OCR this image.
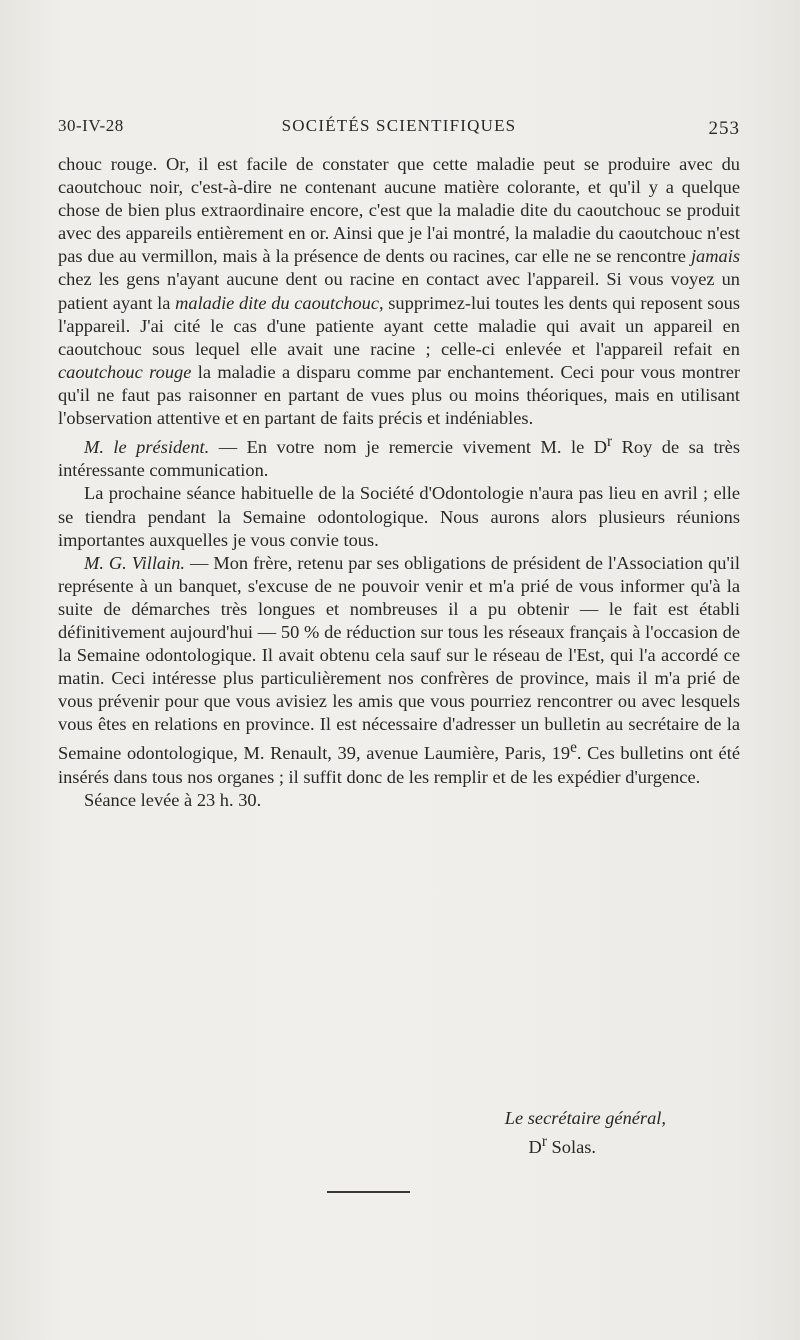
30-IV-28	SOCIÉTÉS SCIENTIFIQUES	253

chouc rouge. Or, il est facile de constater que cette maladie peut se produire avec du caoutchouc noir, c'est-à-dire ne contenant aucune matière colorante, et qu'il y a quelque chose de bien plus extraordinaire encore, c'est que la maladie dite du caoutchouc se produit avec des appareils entièrement en or. Ainsi que je l'ai montré, la maladie du caoutchouc n'est pas due au vermillon, mais à la présence de dents ou racines, car elle ne se rencontre jamais chez les gens n'ayant aucune dent ou racine en contact avec l'appareil. Si vous voyez un patient ayant la maladie dite du caoutchouc, supprimez-lui toutes les dents qui reposent sous l'appareil. J'ai cité le cas d'une patiente ayant cette maladie qui avait un appareil en caoutchouc sous lequel elle avait une racine ; celle-ci enlevée et l'appareil refait en caoutchouc rouge la maladie a disparu comme par enchantement. Ceci pour vous montrer qu'il ne faut pas raisonner en partant de vues plus ou moins théoriques, mais en utilisant l'observation attentive et en partant de faits précis et indéniables.

M. le président. — En votre nom je remercie vivement M. le $D^r$ Roy de sa très intéressante communication.

La prochaine séance habituelle de la Société d'Odontologie n'aura pas lieu en avril ; elle se tiendra pendant la Semaine odontologique. Nous aurons alors plusieurs réunions importantes auxquelles je vous convie tous.

M. G. Villain. — Mon frère, retenu par ses obligations de président de l'Association qu'il représente à un banquet, s'excuse de ne pouvoir venir et m'a prié de vous informer qu'à la suite de démarches très longues et nombreuses il a pu obtenir — le fait est établi définitivement aujourd'hui — 50 % de réduction sur tous les réseaux français à l'occasion de la Semaine odontologique. Il avait obtenu cela sauf sur le réseau de l'Est, qui l'a accordé ce matin. Ceci intéresse plus particulièrement nos confrères de province, mais il m'a prié de vous prévenir pour que vous avisiez les amis que vous pourriez rencontrer ou avec lesquels vous êtes en relations en province. Il est nécessaire d'adresser un bulletin au secrétaire de la Semaine odontologique, M. Renault, 39, avenue Laumière, Paris, 19e. Ces bulletins ont été insérés dans tous nos organes ; il suffit donc de les remplir et de les expédier d'urgence.

Séance levée à 23 h. 30.

Le secrétaire général,
$D^r$ Solas.
